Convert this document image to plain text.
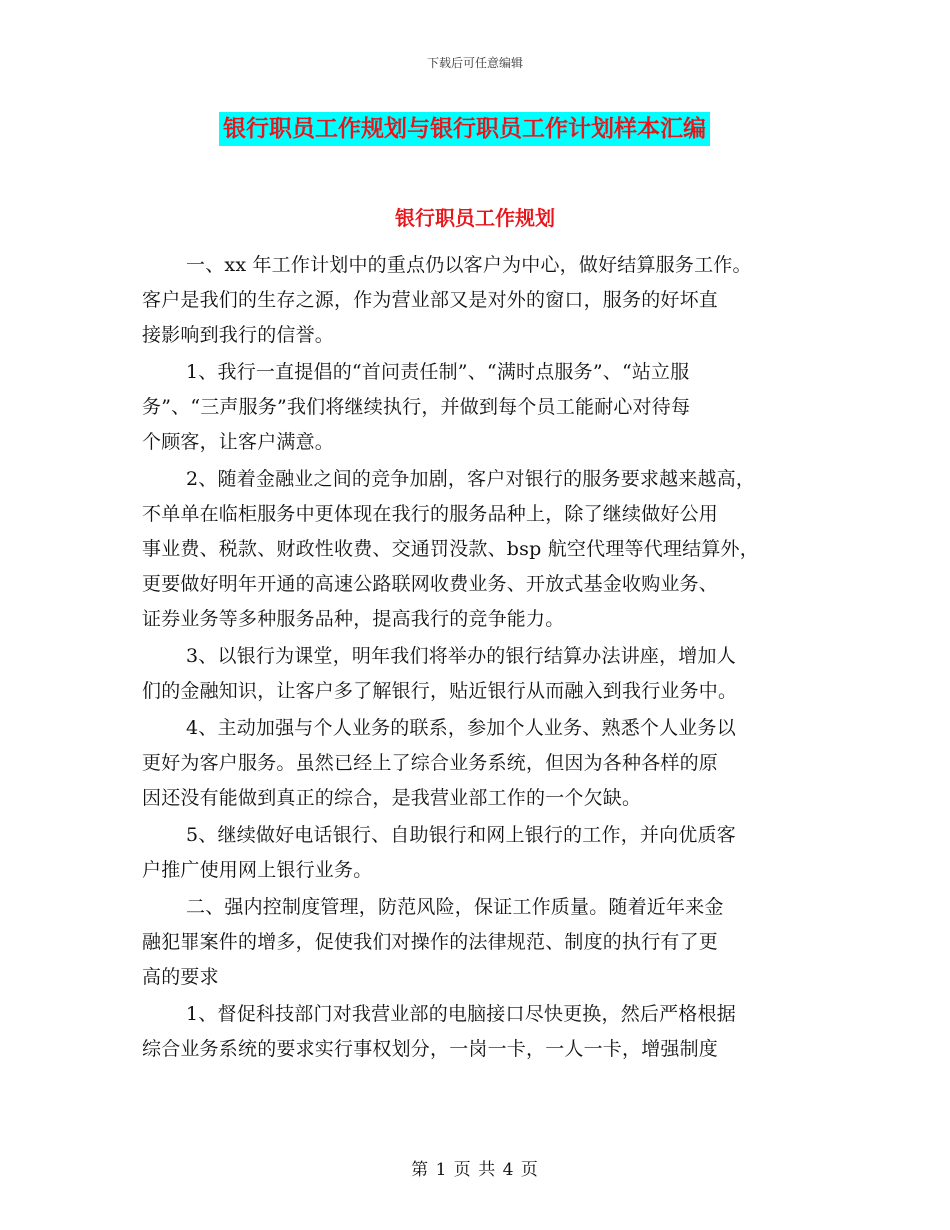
下载后可任意编辑
银行职员工作规划与银行职员工作计划样本汇编
银行职员工作规划
一、xx 年工作计划中的重点仍以客户为中心，做好结算服务工作。
客户是我们的生存之源，作为营业部又是对外的窗口，服务的好坏直
接影响到我行的信誉。
1、我行一直提倡的“首问责任制”、“满时点服务”、“站立服
务”、“三声服务”我们将继续执行，并做到每个员工能耐心对待每
个顾客，让客户满意。
2、随着金融业之间的竞争加剧，客户对银行的服务要求越来越高，
不单单在临柜服务中更体现在我行的服务品种上，除了继续做好公用
事业费、税款、财政性收费、交通罚没款、bsp 航空代理等代理结算外，
更要做好明年开通的高速公路联网收费业务、开放式基金收购业务、
证券业务等多种服务品种，提高我行的竞争能力。
3、以银行为课堂，明年我们将举办的银行结算办法讲座，增加人
们的金融知识，让客户多了解银行，贴近银行从而融入到我行业务中。
4、主动加强与个人业务的联系，参加个人业务、熟悉个人业务以
更好为客户服务。虽然已经上了综合业务系统，但因为各种各样的原
因还没有能做到真正的综合，是我营业部工作的一个欠缺。
5、继续做好电话银行、自助银行和网上银行的工作，并向优质客
户推广使用网上银行业务。
二、强内控制度管理，防范风险，保证工作质量。随着近年来金
融犯罪案件的增多，促使我们对操作的法律规范、制度的执行有了更
高的要求
1、督促科技部门对我营业部的电脑接口尽快更换，然后严格根据
综合业务系统的要求实行事权划分，一岗一卡，一人一卡，增强制度
第 1 页 共 4 页
